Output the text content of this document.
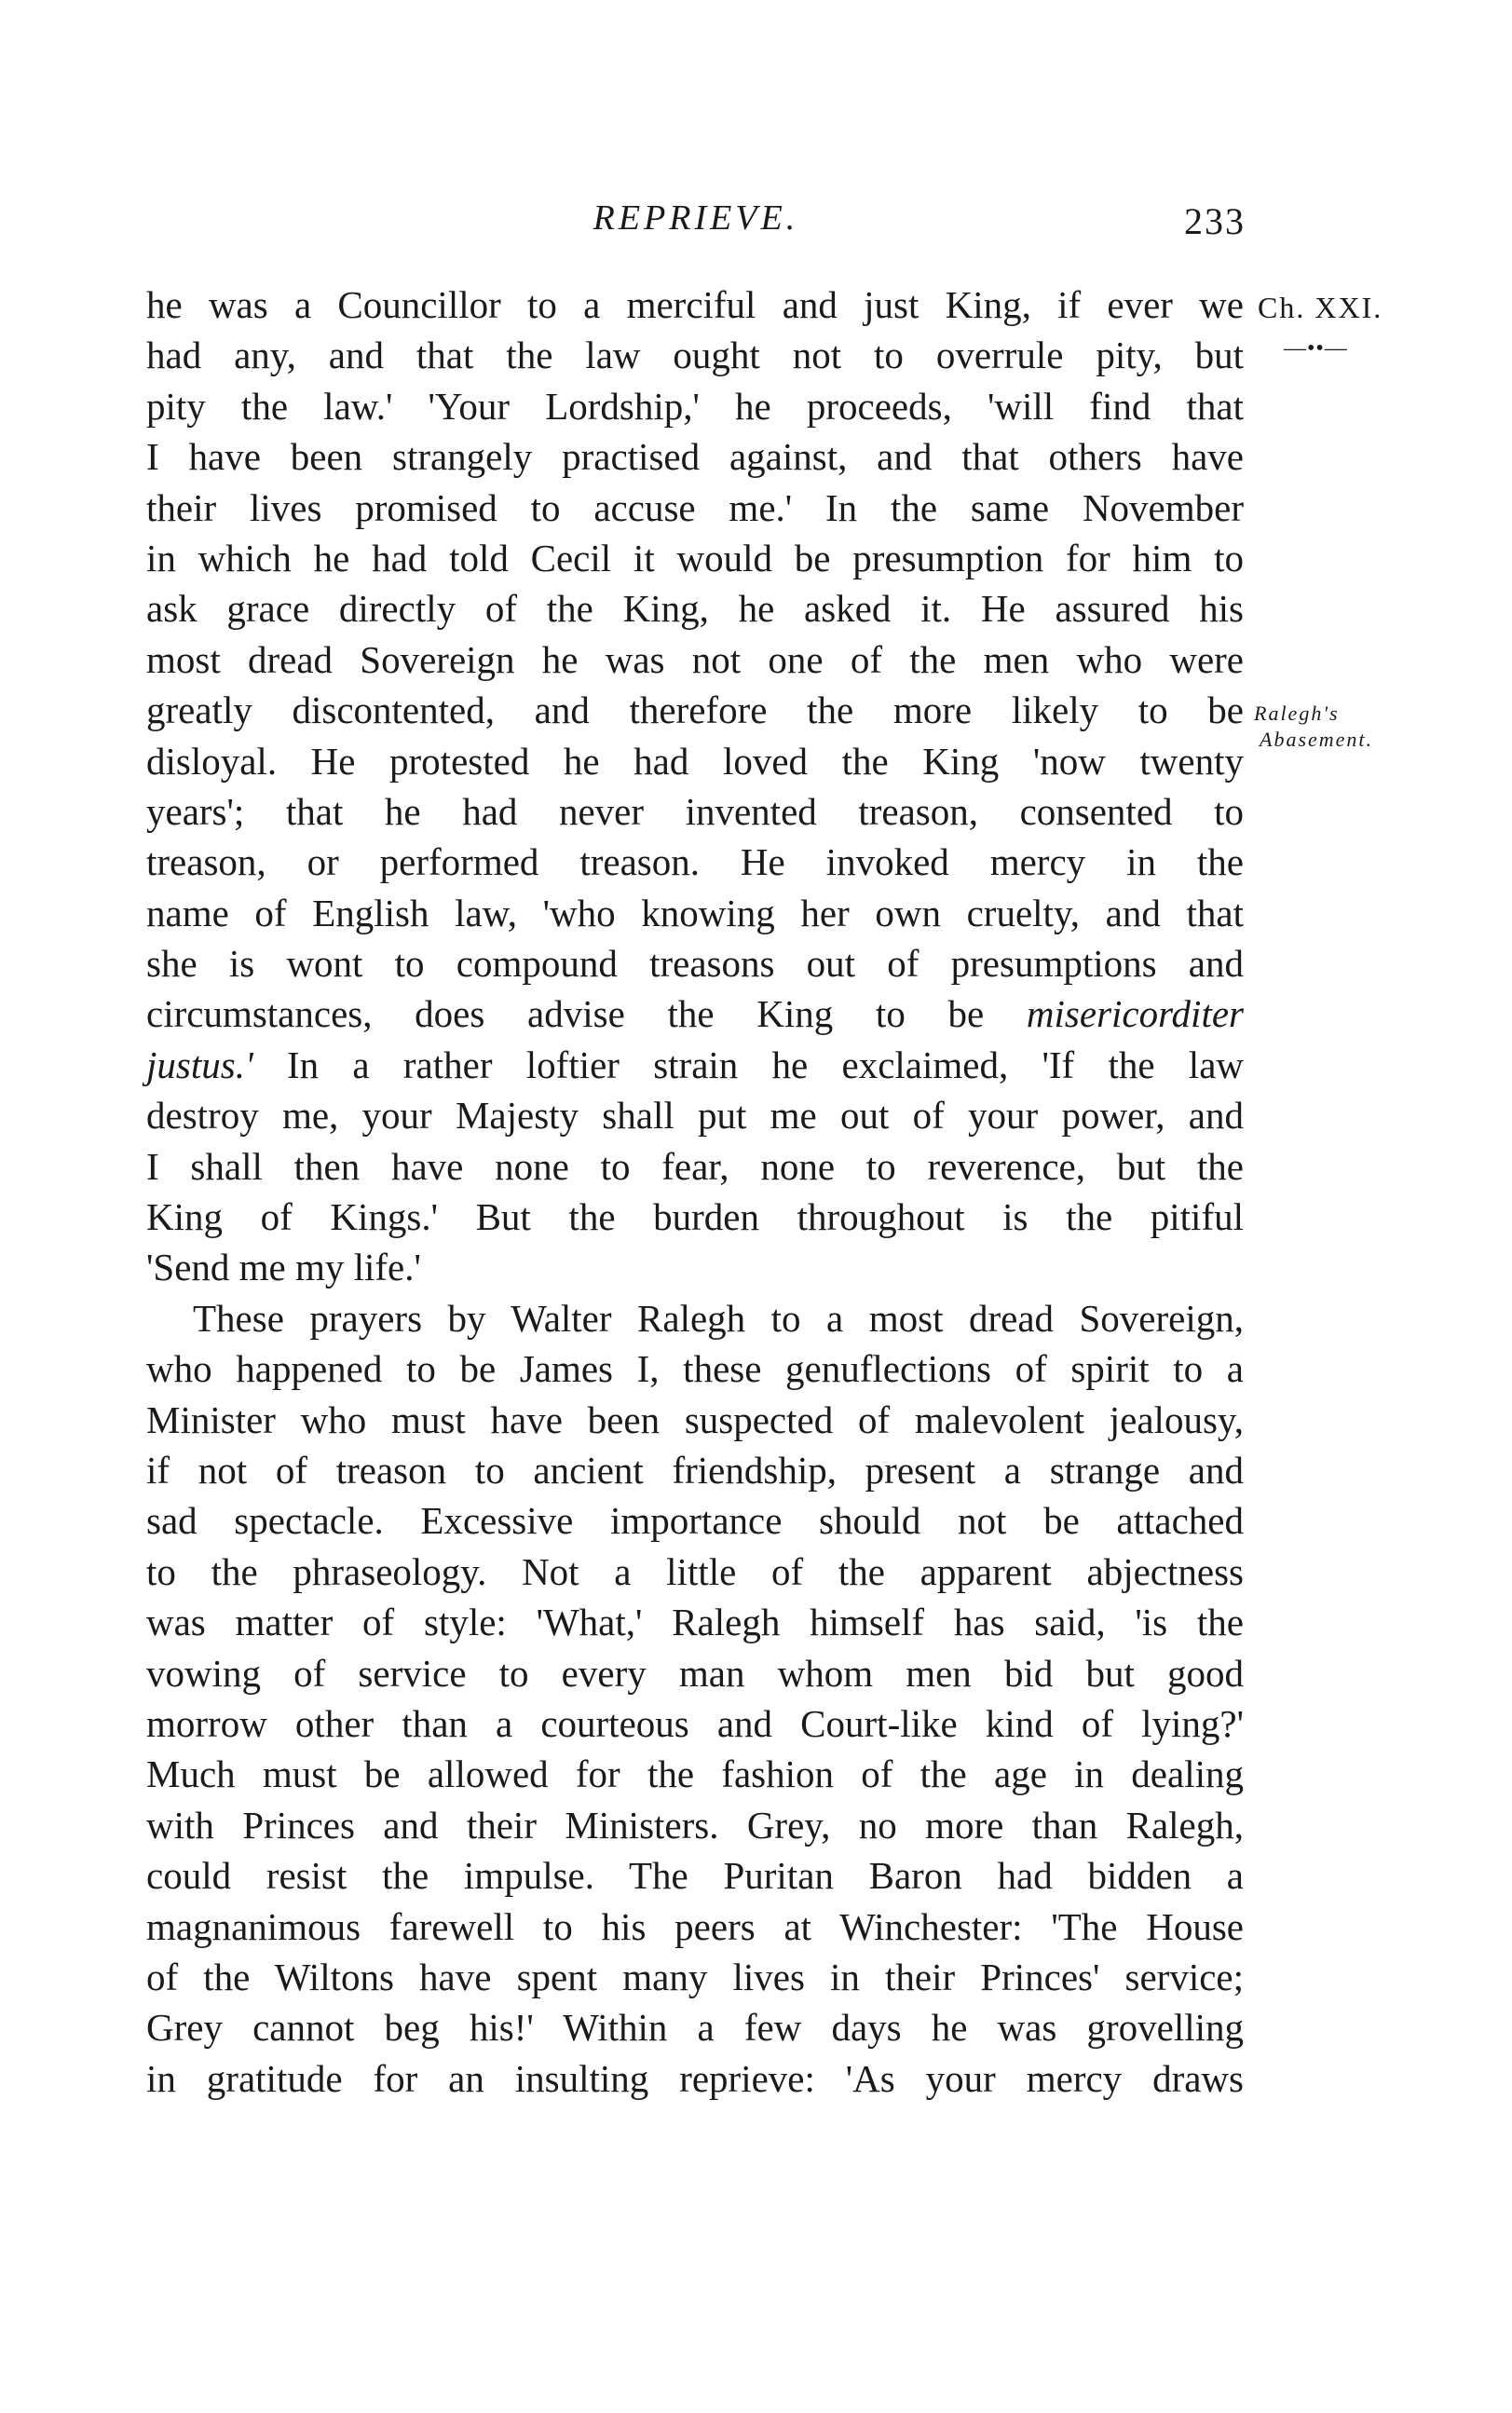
REPRIEVE.	233
Ch. XXI.
—••—
Ralegh's
Abasement.
he was a Councillor to a merciful and just King, if ever we
had any, and that the law ought not to overrule pity, but
pity the law.' 'Your Lordship,' he proceeds, 'will find that
I have been strangely practised against, and that others have
their lives promised to accuse me.' In the same November
in which he had told Cecil it would be presumption for him to
ask grace directly of the King, he asked it. He assured his
most dread Sovereign he was not one of the men who were
greatly discontented, and therefore the more likely to be
disloyal. He protested he had loved the King 'now twenty
years'; that he had never invented treason, consented to
treason, or performed treason. He invoked mercy in the
name of English law, 'who knowing her own cruelty, and that
she is wont to compound treasons out of presumptions and
circumstances, does advise the King to be misericorditer
justus.' In a rather loftier strain he exclaimed, 'If the law
destroy me, your Majesty shall put me out of your power, and
I shall then have none to fear, none to reverence, but the
King of Kings.' But the burden throughout is the pitiful
'Send me my life.'
These prayers by Walter Ralegh to a most dread Sovereign,
who happened to be James I, these genuflections of spirit to a
Minister who must have been suspected of malevolent jealousy,
if not of treason to ancient friendship, present a strange and
sad spectacle. Excessive importance should not be attached
to the phraseology. Not a little of the apparent abjectness
was matter of style: 'What,' Ralegh himself has said, 'is the
vowing of service to every man whom men bid but good
morrow other than a courteous and Court-like kind of lying?'
Much must be allowed for the fashion of the age in dealing
with Princes and their Ministers. Grey, no more than Ralegh,
could resist the impulse. The Puritan Baron had bidden a
magnanimous farewell to his peers at Winchester: 'The House
of the Wiltons have spent many lives in their Princes' service;
Grey cannot beg his!' Within a few days he was grovelling
in gratitude for an insulting reprieve: 'As your mercy draws
